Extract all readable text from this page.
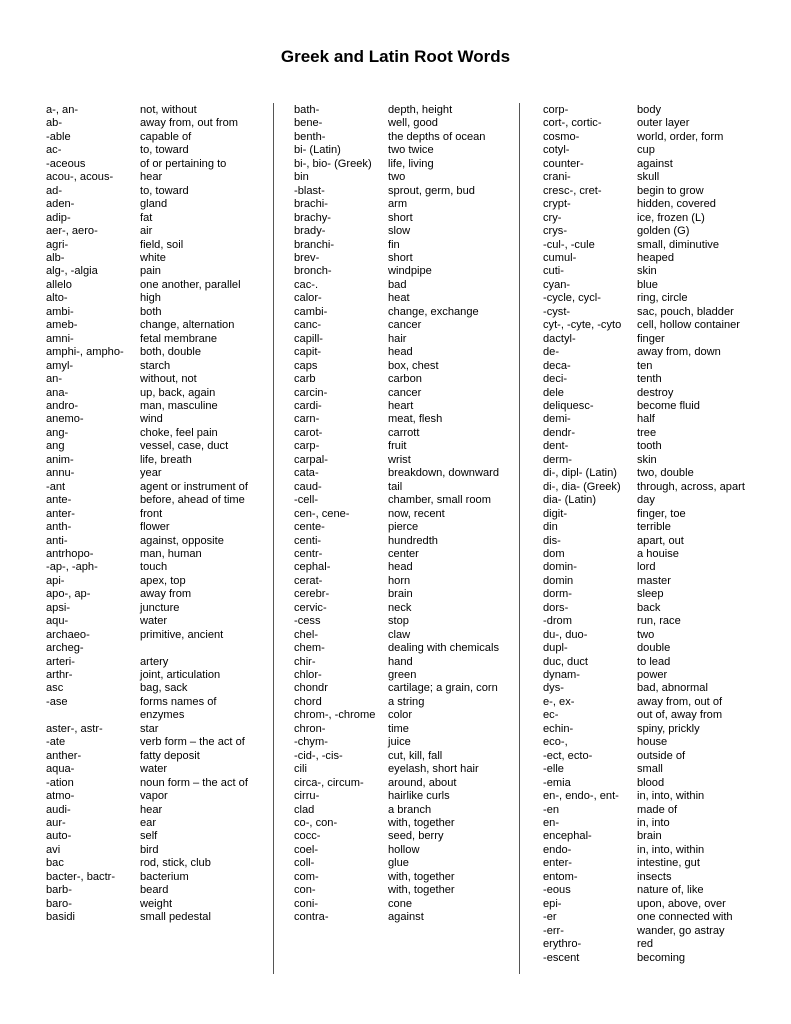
Greek and Latin Root Words
a-, an-	not, without
ab-	away from, out from
-able	capable of
ac-	to, toward
-aceous	of or pertaining to
acou-, acous-	hear
ad-	to, toward
aden-	gland
adip-	fat
aer-, aero-	air
agri-	field, soil
alb-	white
alg-, -algia	pain
allelo	one another, parallel
alto-	high
ambi-	both
ameb-	change, alternation
amni-	fetal membrane
amphi-, ampho-	both, double
amyl-	starch
an-	without, not
ana-	up, back, again
andro-	man, masculine
anemo-	wind
ang-	choke, feel pain
ang	vessel, case, duct
anim-	life, breath
annu-	year
-ant	agent or instrument of
ante-	before, ahead of time
anter-	front
anth-	flower
anti-	against, opposite
antrhopo-	man, human
-ap-, -aph-	touch
api-	apex, top
apo-, ap-	away from
apsi-	juncture
aqu-	water
archaeo-	primitive, ancient
archeg-
arteri-	artery
arthr-	joint, articulation
asc	bag, sack
-ase	forms names of enzymes
aster-, astr-	star
-ate	verb form – the act of
anther-	fatty deposit
aqua-	water
-ation	noun form – the act of
atmo-	vapor
audi-	hear
aur-	ear
auto-	self
avi	bird
bac	rod, stick, club
bacter-, bactr-	bacterium
barb-	beard
baro-	weight
basidi	small pedestal
bath-	depth, height
bene-	well, good
benth-	the depths of ocean
bi- (Latin)	two twice
bi-, bio- (Greek)	life, living
bin	two
-blast-	sprout, germ, bud
brachi-	arm
brachy-	short
brady-	slow
branchi-	fin
brev-	short
bronch-	windpipe
cac-.	bad
calor-	heat
cambi-	change, exchange
canc-	cancer
capill-	hair
capit-	head
caps	box, chest
carb	carbon
carcin-	cancer
cardi-	heart
carn-	meat, flesh
carot-	carrott
carp-	fruit
carpal-	wrist
cata-	breakdown, downward
caud-	tail
-cell-	chamber, small room
cen-, cene-	now, recent
cente-	pierce
centi-	hundredth
centr-	center
cephal-	head
cerat-	horn
cerebr-	brain
cervic-	neck
-cess	stop
chel-	claw
chem-	dealing with chemicals
chir-	hand
chlor-	green
chondr	cartilage; a grain, corn
chord	a string
chrom-, -chrome	color
chron-	time
-chym-	juice
-cid-, -cis-	cut, kill, fall
cili	eyelash, short hair
circa-, circum-	around, about
cirru-	hairlike curls
clad	a branch
co-, con-	with, together
cocc-	seed, berry
coel-	hollow
coll-	glue
com-	with, together
con-	with, together
coni-	cone
contra-	against
corp-	body
cort-, cortic-	outer layer
cosmo-	world, order, form
cotyl-	cup
counter-	against
crani-	skull
cresc-, cret-	begin to grow
crypt-	hidden, covered
cry-	ice, frozen (L)
crys-	golden (G)
-cul-, -cule	small, diminutive
cumul-	heaped
cuti-	skin
cyan-	blue
-cycle, cycl-	ring, circle
-cyst-	sac, pouch, bladder
cyt-, -cyte, -cyto	cell, hollow container
dactyl-	finger
de-	away from, down
deca-	ten
deci-	tenth
dele	destroy
deliquesc-	become fluid
demi-	half
dendr-	tree
dent-	tooth
derm-	skin
di-, dipl- (Latin)	two, double
di-, dia- (Greek)	through, across, apart
dia- (Latin)	day
digit-	finger, toe
din	terrible
dis-	apart, out
dom	a houise
domin-	lord
domin	master
dorm-	sleep
dors-	back
-drom	run, race
du-, duo-	two
dupl-	double
duc, duct	to lead
dynam-	power
dys-	bad, abnormal
e-, ex-	away from, out of
ec-	out of, away from
echin-	spiny, prickly
eco-,	house
-ect, ecto-	outside of
-elle	small
-emia	blood
en-, endo-, ent-	in, into, within
-en	made of
en-	in, into
encephal-	brain
endo-	in, into, within
enter-	intestine, gut
entom-	insects
-eous	nature of, like
epi-	upon, above, over
-er	one connected with
-err-	wander, go astray
erythro-	red
-escent	becoming
